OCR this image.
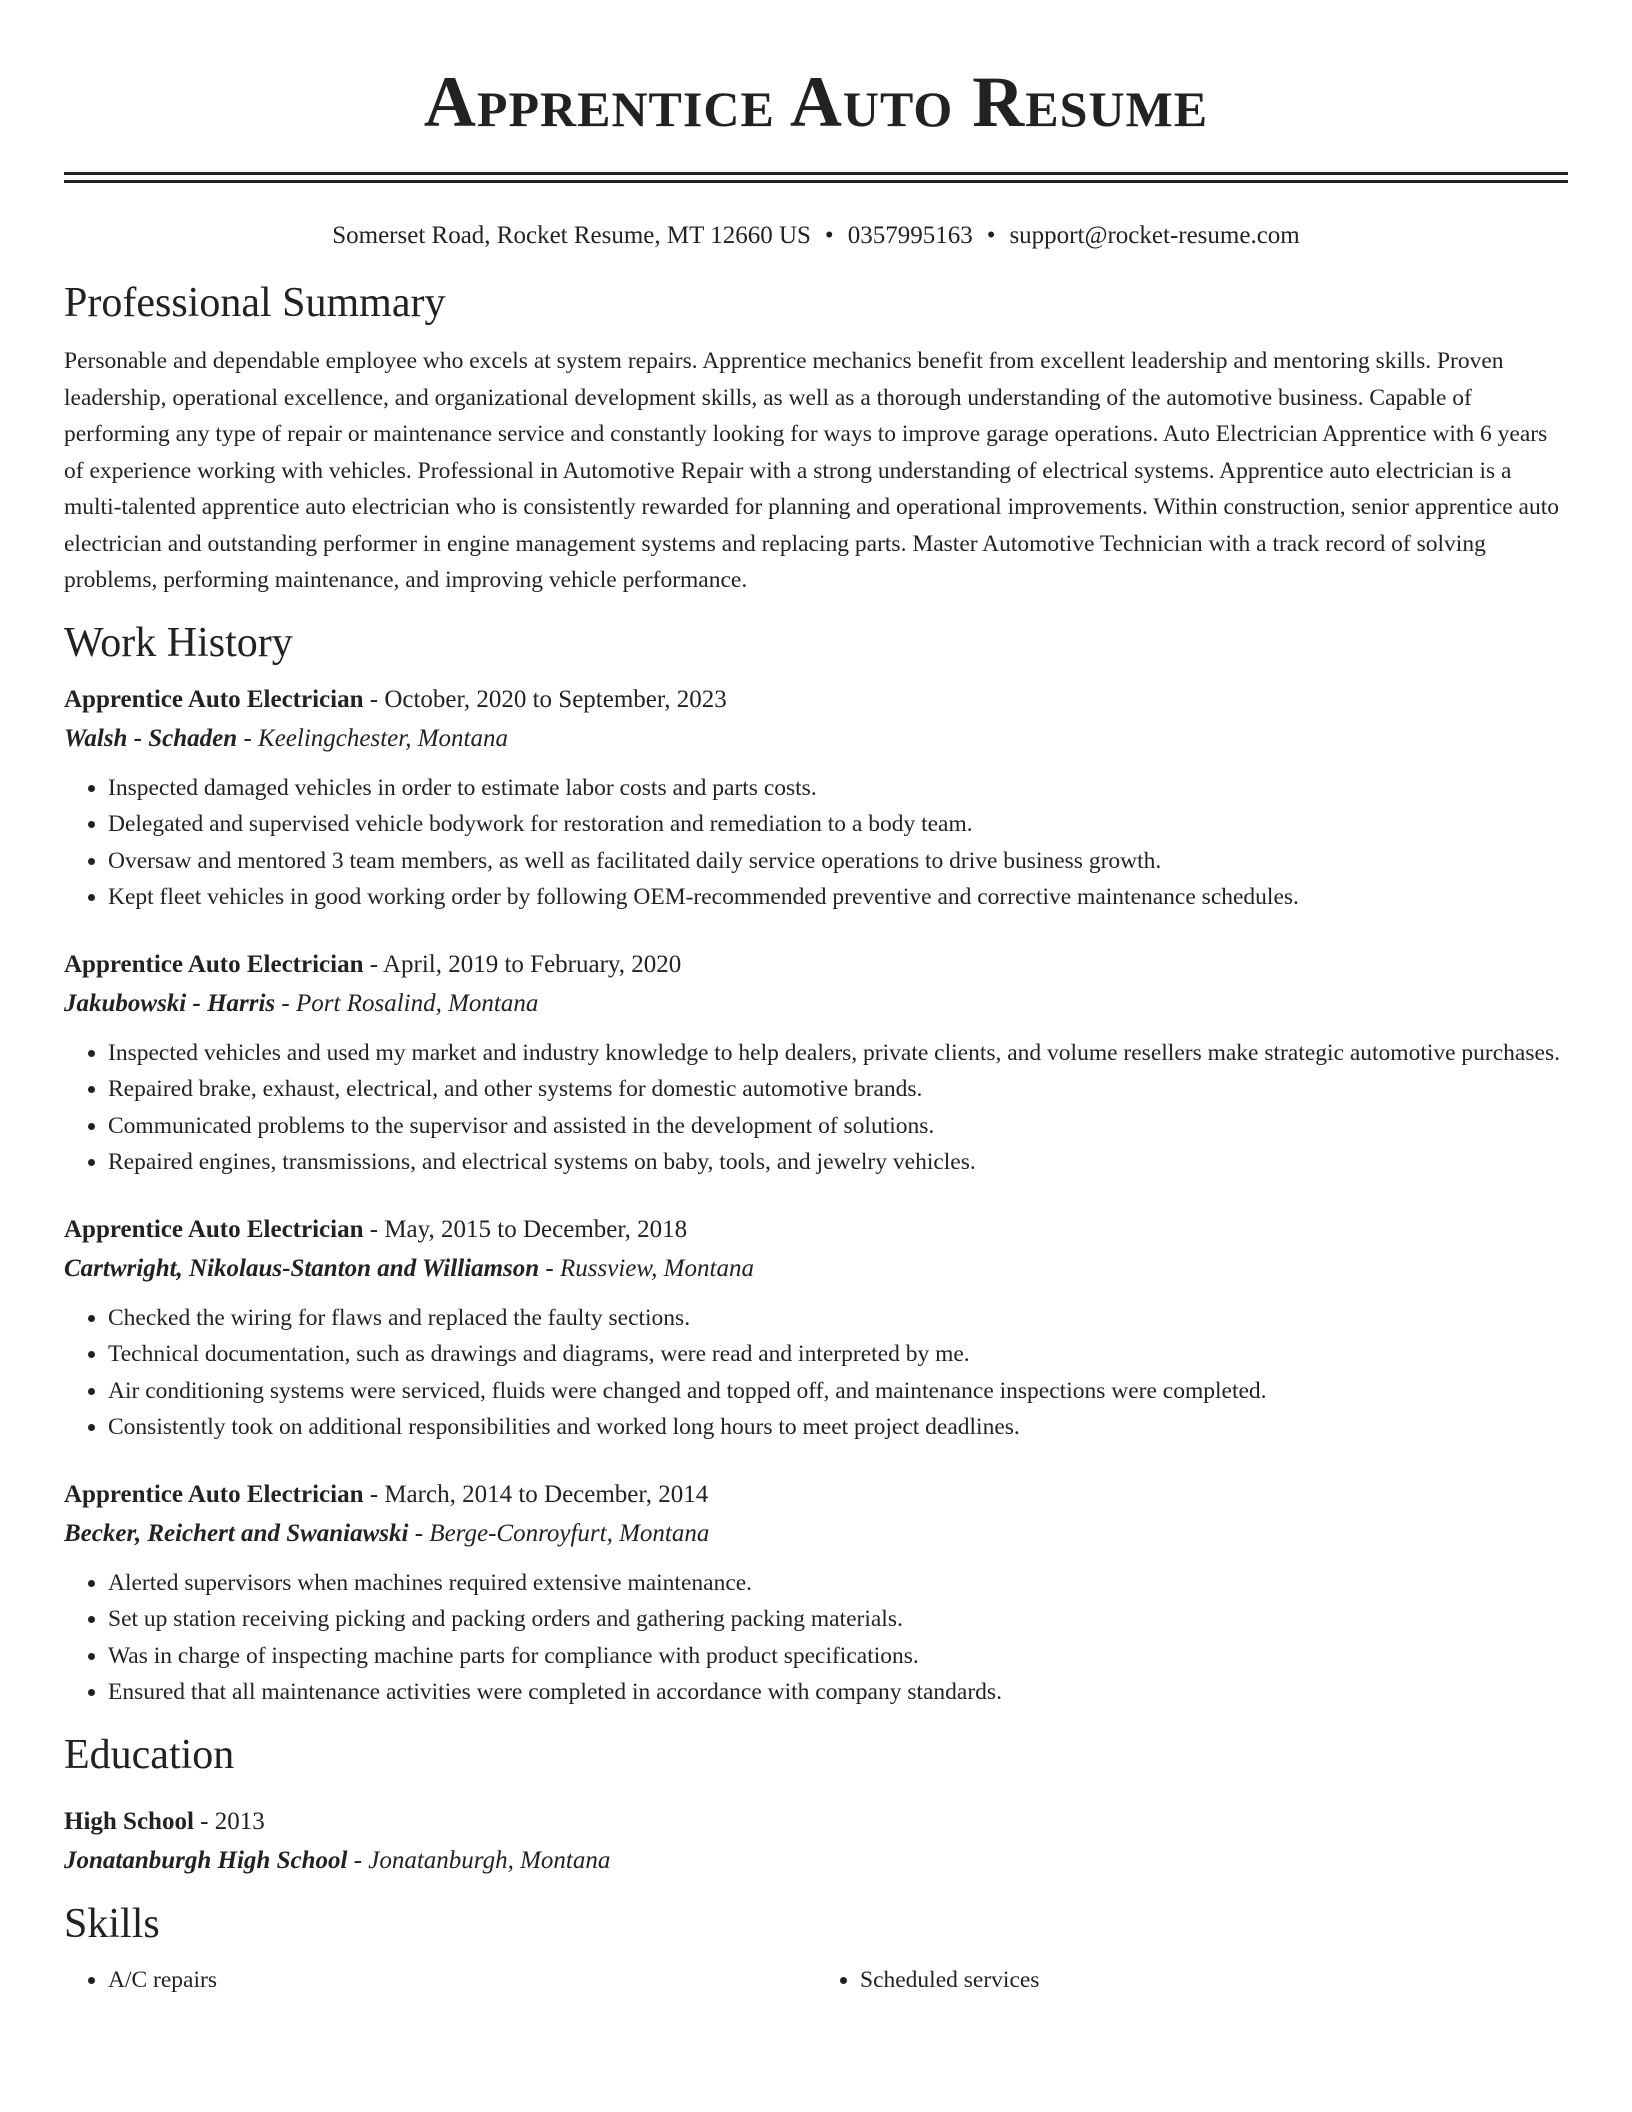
Apprentice Auto Resume
Somerset Road, Rocket Resume, MT 12660 US • 0357995163 • support@rocket-resume.com
Professional Summary

Personable and dependable employee who excels at system repairs. Apprentice mechanics benefit from excellent leadership and mentoring skills. Proven leadership, operational excellence, and organizational development skills, as well as a thorough understanding of the automotive business. Capable of performing any type of repair or maintenance service and constantly looking for ways to improve garage operations. Auto Electrician Apprentice with 6 years of experience working with vehicles. Professional in Automotive Repair with a strong understanding of electrical systems. Apprentice auto electrician is a multi-talented apprentice auto electrician who is consistently rewarded for planning and operational improvements. Within construction, senior apprentice auto electrician and outstanding performer in engine management systems and replacing parts. Master Automotive Technician with a track record of solving problems, performing maintenance, and improving vehicle performance.

Work History
Apprentice Auto Electrician - October, 2020 to September, 2023
Walsh - Schaden - Keelingchester, Montana
• Inspected damaged vehicles in order to estimate labor costs and parts costs.
• Delegated and supervised vehicle bodywork for restoration and remediation to a body team.
• Oversaw and mentored 3 team members, as well as facilitated daily service operations to drive business growth.
• Kept fleet vehicles in good working order by following OEM-recommended preventive and corrective maintenance schedules.
Apprentice Auto Electrician - April, 2019 to February, 2020
Jakubowski - Harris - Port Rosalind, Montana
• Inspected vehicles and used my market and industry knowledge to help dealers, private clients, and volume resellers make strategic automotive purchases.
• Repaired brake, exhaust, electrical, and other systems for domestic automotive brands.
• Communicated problems to the supervisor and assisted in the development of solutions.
• Repaired engines, transmissions, and electrical systems on baby, tools, and jewelry vehicles.
Apprentice Auto Electrician - May, 2015 to December, 2018
Cartwright, Nikolaus-Stanton and Williamson - Russview, Montana
• Checked the wiring for flaws and replaced the faulty sections.
• Technical documentation, such as drawings and diagrams, were read and interpreted by me.
• Air conditioning systems were serviced, fluids were changed and topped off, and maintenance inspections were completed.
• Consistently took on additional responsibilities and worked long hours to meet project deadlines.
Apprentice Auto Electrician - March, 2014 to December, 2014
Becker, Reichert and Swaniawski - Berge-Conroyfurt, Montana
• Alerted supervisors when machines required extensive maintenance.
• Set up station receiving picking and packing orders and gathering packing materials.
• Was in charge of inspecting machine parts for compliance with product specifications.
• Ensured that all maintenance activities were completed in accordance with company standards.
Education
High School - 2013
Jonatanburgh High School - Jonatanburgh, Montana
Skills
• A/C repairs
•	Scheduled services
